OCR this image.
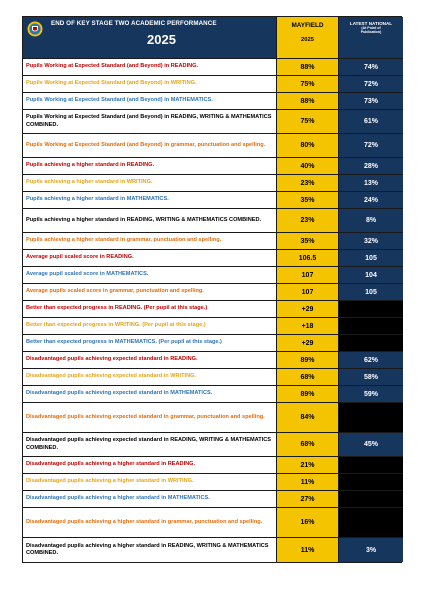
END OF KEY STAGE TWO ACADEMIC PERFORMANCE
2025
MAYFIELD
2025
LATEST NATIONAL
(At Point of
Publication)
Pupils Working at Expected Standard (and Beyond) in READING.	88%	74%
Pupils Working at Expected Standard (and Beyond) in WRITING.	75%	72%
Pupils Working at Expected Standard (and Beyond) in MATHEMATICS.	88%	73%
Pupils Working at Expected Standard (and Beyond) in READING, WRITING & MATHEMATICS COMBINED.	75%	61%
Pupils Working at Expected Standard (and Beyond) in grammar, punctuation and spelling.	80%	72%
Pupils achieving a higher standard in READING.	40%	28%
Pupils achieving a higher standard in WRITING.	23%	13%
Pupils achieving a higher standard in MATHEMATICS.	35%	24%
Pupils achieving a higher standard in READING, WRITING & MATHEMATICS COMBINED.	23%	8%
Pupils achieving a higher standard in grammar, punctuation and spelling.	35%	32%
Average pupil scaled score in READING.	106.5	105
Average pupil scaled score in MATHEMATICS.	107	104
Average pupils scaled score in grammar, punctuation and spelling.	107	105
Better than expected progress in READING. (Per pupil at this stage.)	+29
Better than expected progress in WRITING. (Per pupil at this stage.)	+18
Better than expected progress in MATHEMATICS. (Per pupil at this stage.)	+29
Disadvantaged pupils achieving expected standard in READING.	89%	62%
Disadvantaged pupils achieving expected standard in WRITING.	68%	58%
Disadvantaged pupils achieving expected standard in MATHEMATICS.	89%	59%
Disadvantaged pupils achieving expected standard in grammar, punctuation and spelling.	84%
Disadvantaged pupils achieving expected standard in READING, WRITING & MATHEMATICS COMBINED.	68%	45%
Disadvantaged pupils achieving a higher standard in READING.	21%
Disadvantaged pupils achieving a higher standard in WRITING.	11%
Disadvantaged pupils achieving a higher standard in MATHEMATICS.	27%
Disadvantaged pupils achieving a higher standard in grammar, punctuation and spelling.	16%
Disadvantaged pupils achieving a higher standard in READING, WRITING & MATHEMATICS COMBINED.	11%	3%
